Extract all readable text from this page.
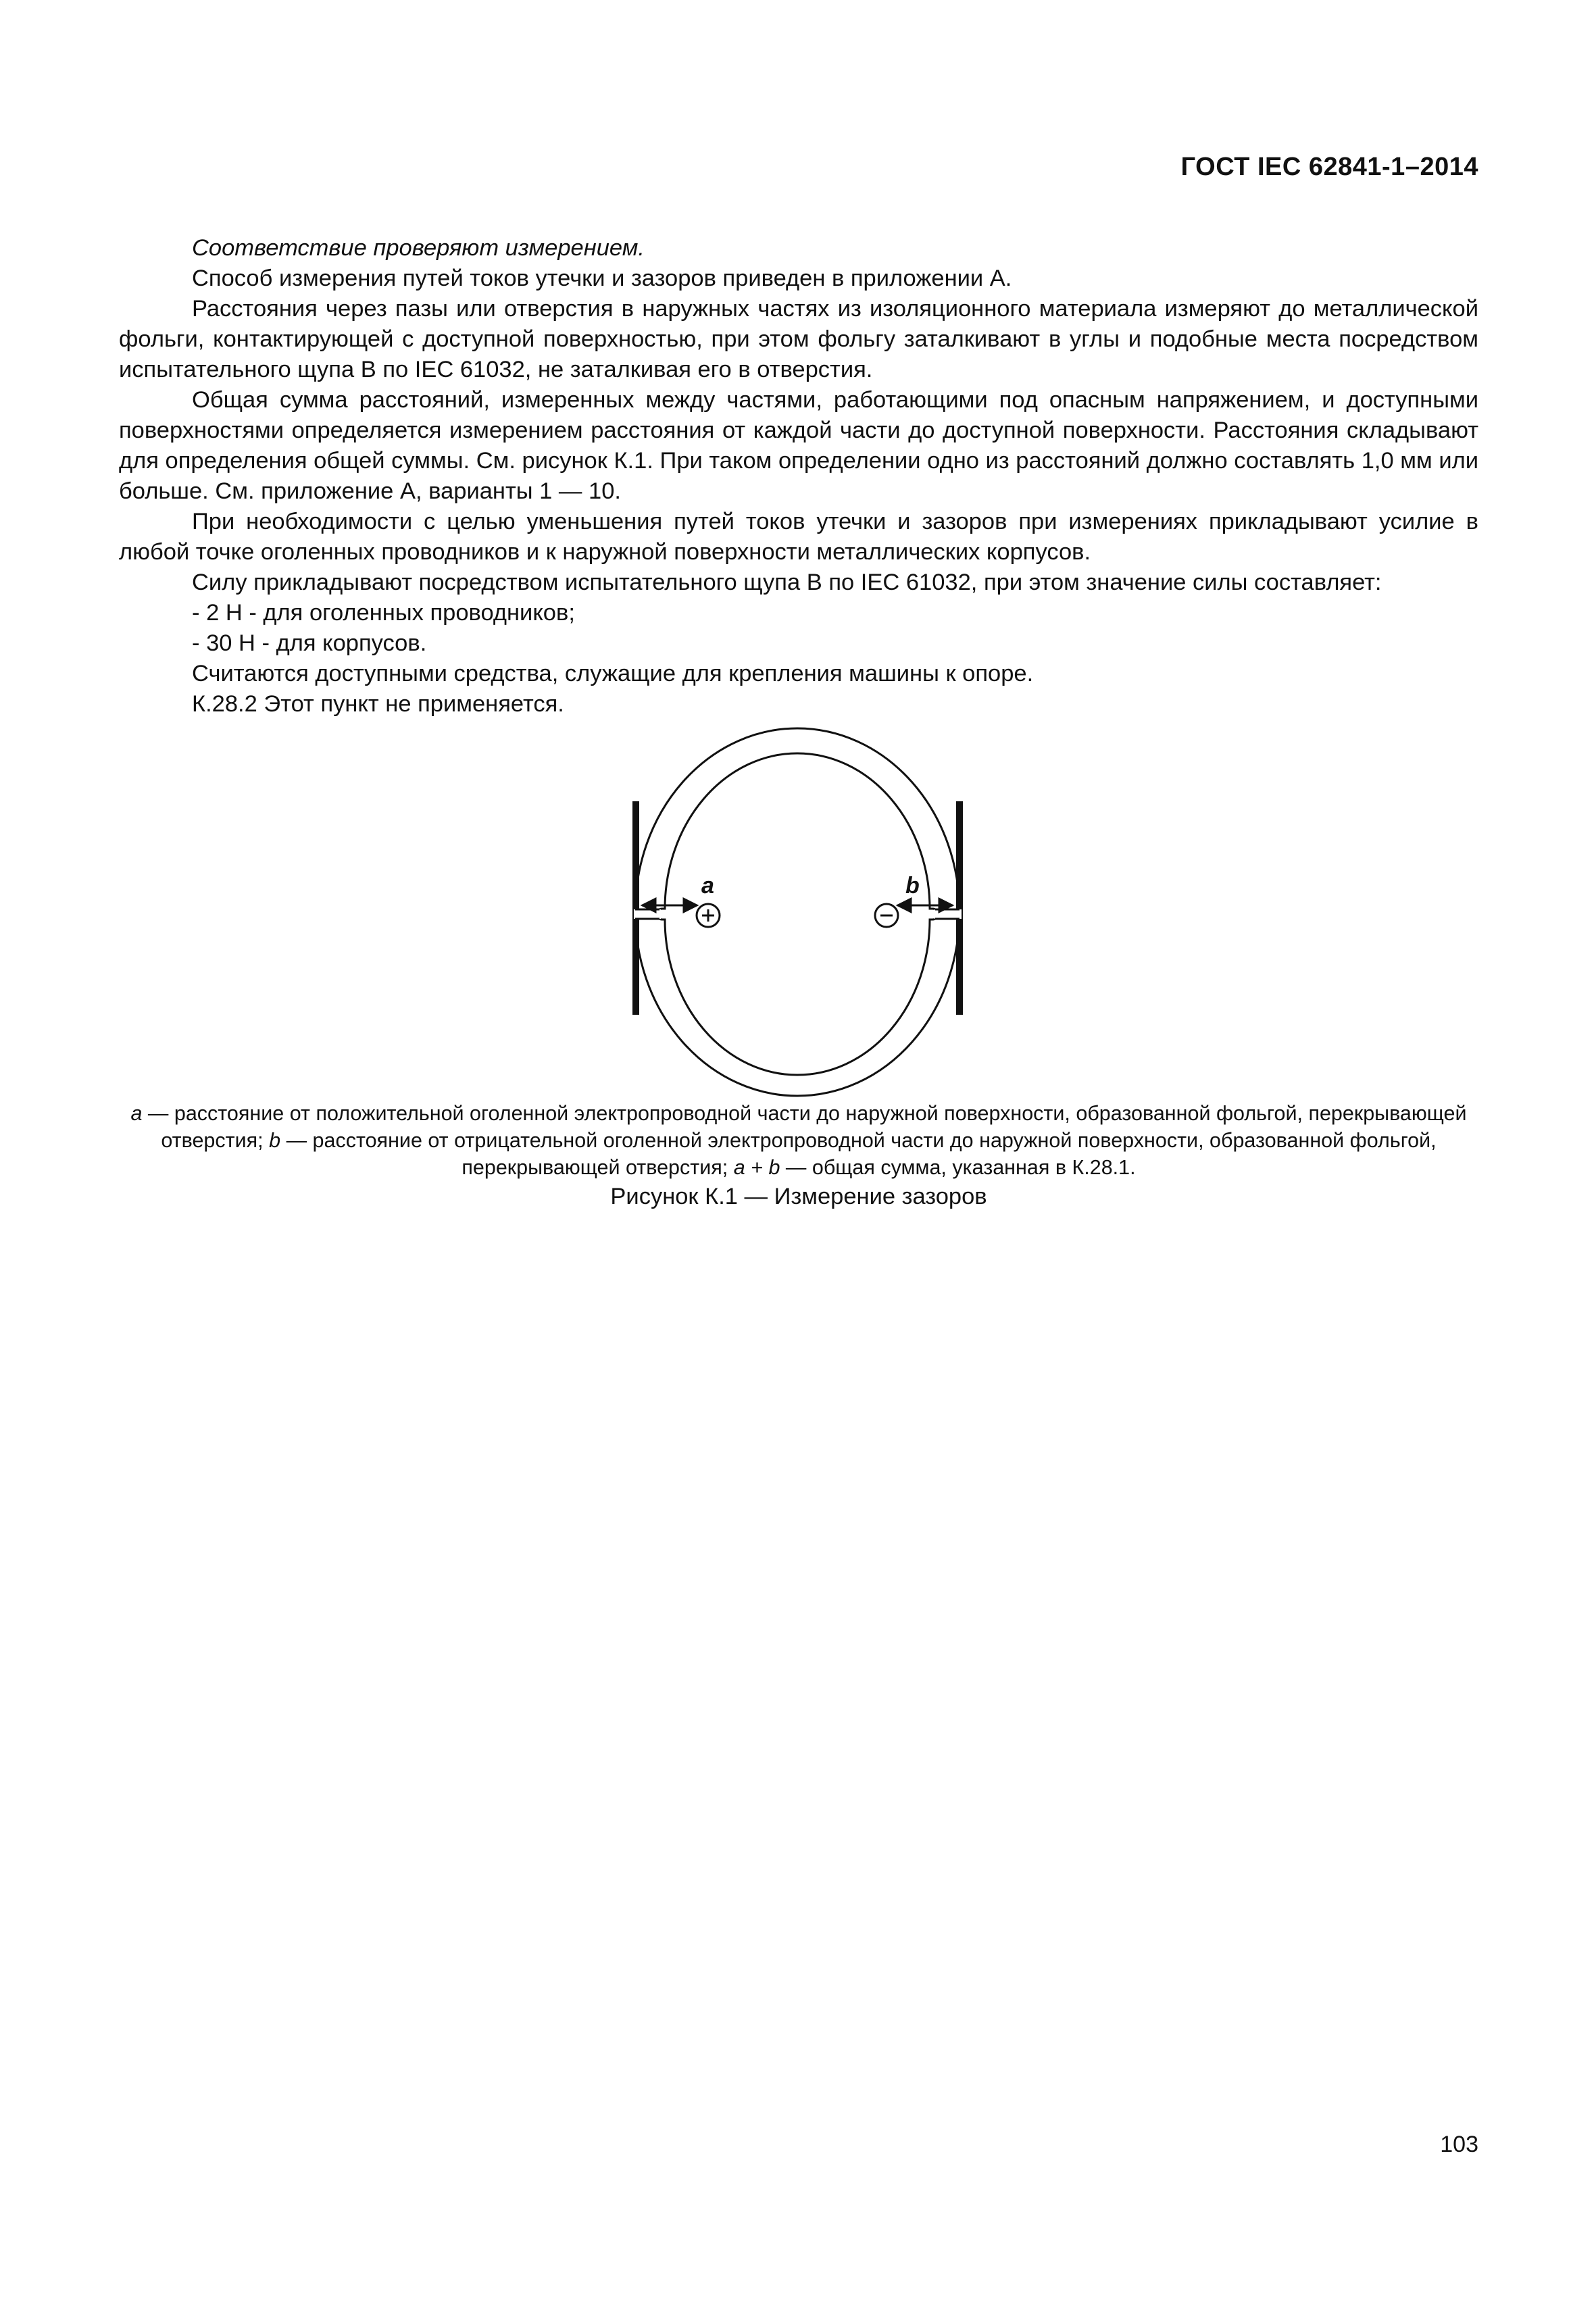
ГОСТ IEC 62841-1–2014

Соответствие проверяют измерением.

Способ измерения путей токов утечки и зазоров приведен в приложении А.

Расстояния через пазы или отверстия в наружных частях из изоляционного материала измеряют до металлической фольги, контактирующей с доступной поверхностью, при этом фольгу заталкивают в углы и подобные места посредством испытательного щупа В по IEC 61032, не заталкивая его в отверстия.

Общая сумма расстояний, измеренных между частями, работающими под опасным напряжением, и доступными поверхностями определяется измерением расстояния от каждой части до доступной поверхности. Расстояния складывают для определения общей суммы. См. рисунок К.1. При таком определении одно из расстояний должно составлять 1,0 мм или больше. См. приложение А, варианты 1 — 10.

При необходимости с целью уменьшения путей токов утечки и зазоров при измерениях прикладывают усилие в любой точке оголенных проводников и к наружной поверхности металлических корпусов.

Силу прикладывают посредством испытательного щупа В по IEC 61032, при этом значение силы составляет:

- 2 Н - для оголенных проводников;

- 30 Н - для корпусов.

Считаются доступными средства, служащие для крепления машины к опоре.

К.28.2 Этот пункт не применяется.

a	b
a — расстояние от положительной оголенной электропроводной части до наружной поверхности, образованной фольгой, перекрывающей отверстия; b — расстояние от отрицательной оголенной электропроводной части до наружной поверхности, образованной фольгой, перекрывающей отверстия; a + b — общая сумма, указанная в К.28.1.
Рисунок К.1 — Измерение зазоров
103
